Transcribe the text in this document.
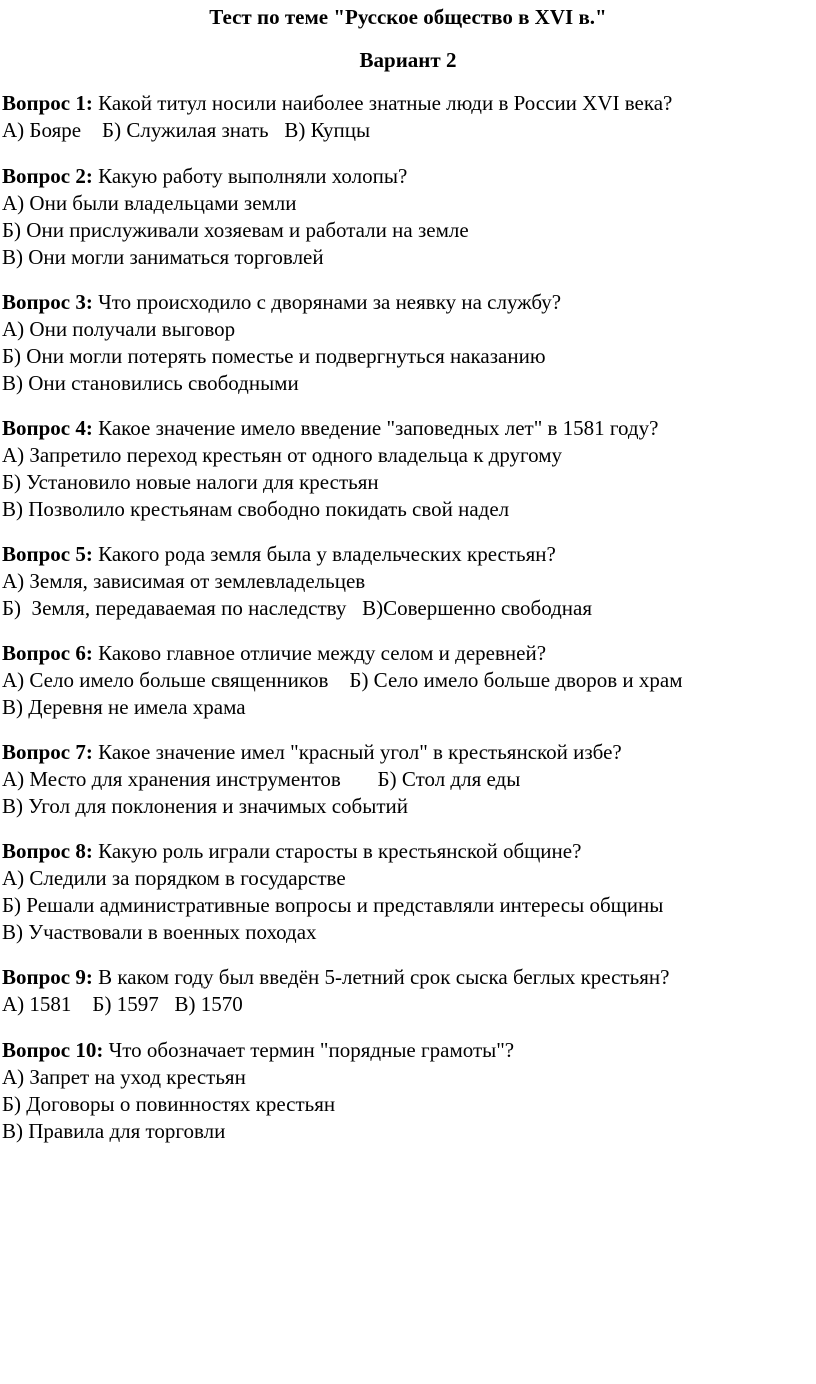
Тест по теме "Русское общество в XVI в."
Вариант 2
Вопрос 1: Какой титул носили наиболее знатные люди в России XVI века?
А) Бояре    Б) Служилая знать   В) Купцы
Вопрос 2: Какую работу выполняли холопы?
А) Они были владельцами земли
Б) Они прислуживали хозяевам и работали на земле
В) Они могли заниматься торговлей
Вопрос 3: Что происходило с дворянами за неявку на службу?
А) Они получали выговор
Б) Они могли потерять поместье и подвергнуться наказанию
В) Они становились свободными
Вопрос 4: Какое значение имело введение "заповедных лет" в 1581 году?
А) Запретило переход крестьян от одного владельца к другому
Б) Установило новые налоги для крестьян
В) Позволило крестьянам свободно покидать свой надел
Вопрос 5: Какого рода земля была у владельческих крестьян?
А) Земля, зависимая от землевладельцев
Б)  Земля, передаваемая по наследству   В)Совершенно свободная
Вопрос 6: Каково главное отличие между селом и деревней?
А) Село имело больше священников    Б) Село имело больше дворов и храм
В) Деревня не имела храма
Вопрос 7: Какое значение имел "красный угол" в крестьянской избе?
А) Место для хранения инструментов       Б) Стол для еды
В) Угол для поклонения и значимых событий
Вопрос 8: Какую роль играли старосты в крестьянской общине?
А) Следили за порядком в государстве
Б) Решали административные вопросы и представляли интересы общины
В) Участвовали в военных походах
Вопрос 9: В каком году был введён 5-летний срок сыска беглых крестьян?
А) 1581    Б) 1597   В) 1570
Вопрос 10: Что обозначает термин "порядные грамоты"?
А) Запрет на уход крестьян
Б) Договоры о повинностях крестьян
В) Правила для торговли
